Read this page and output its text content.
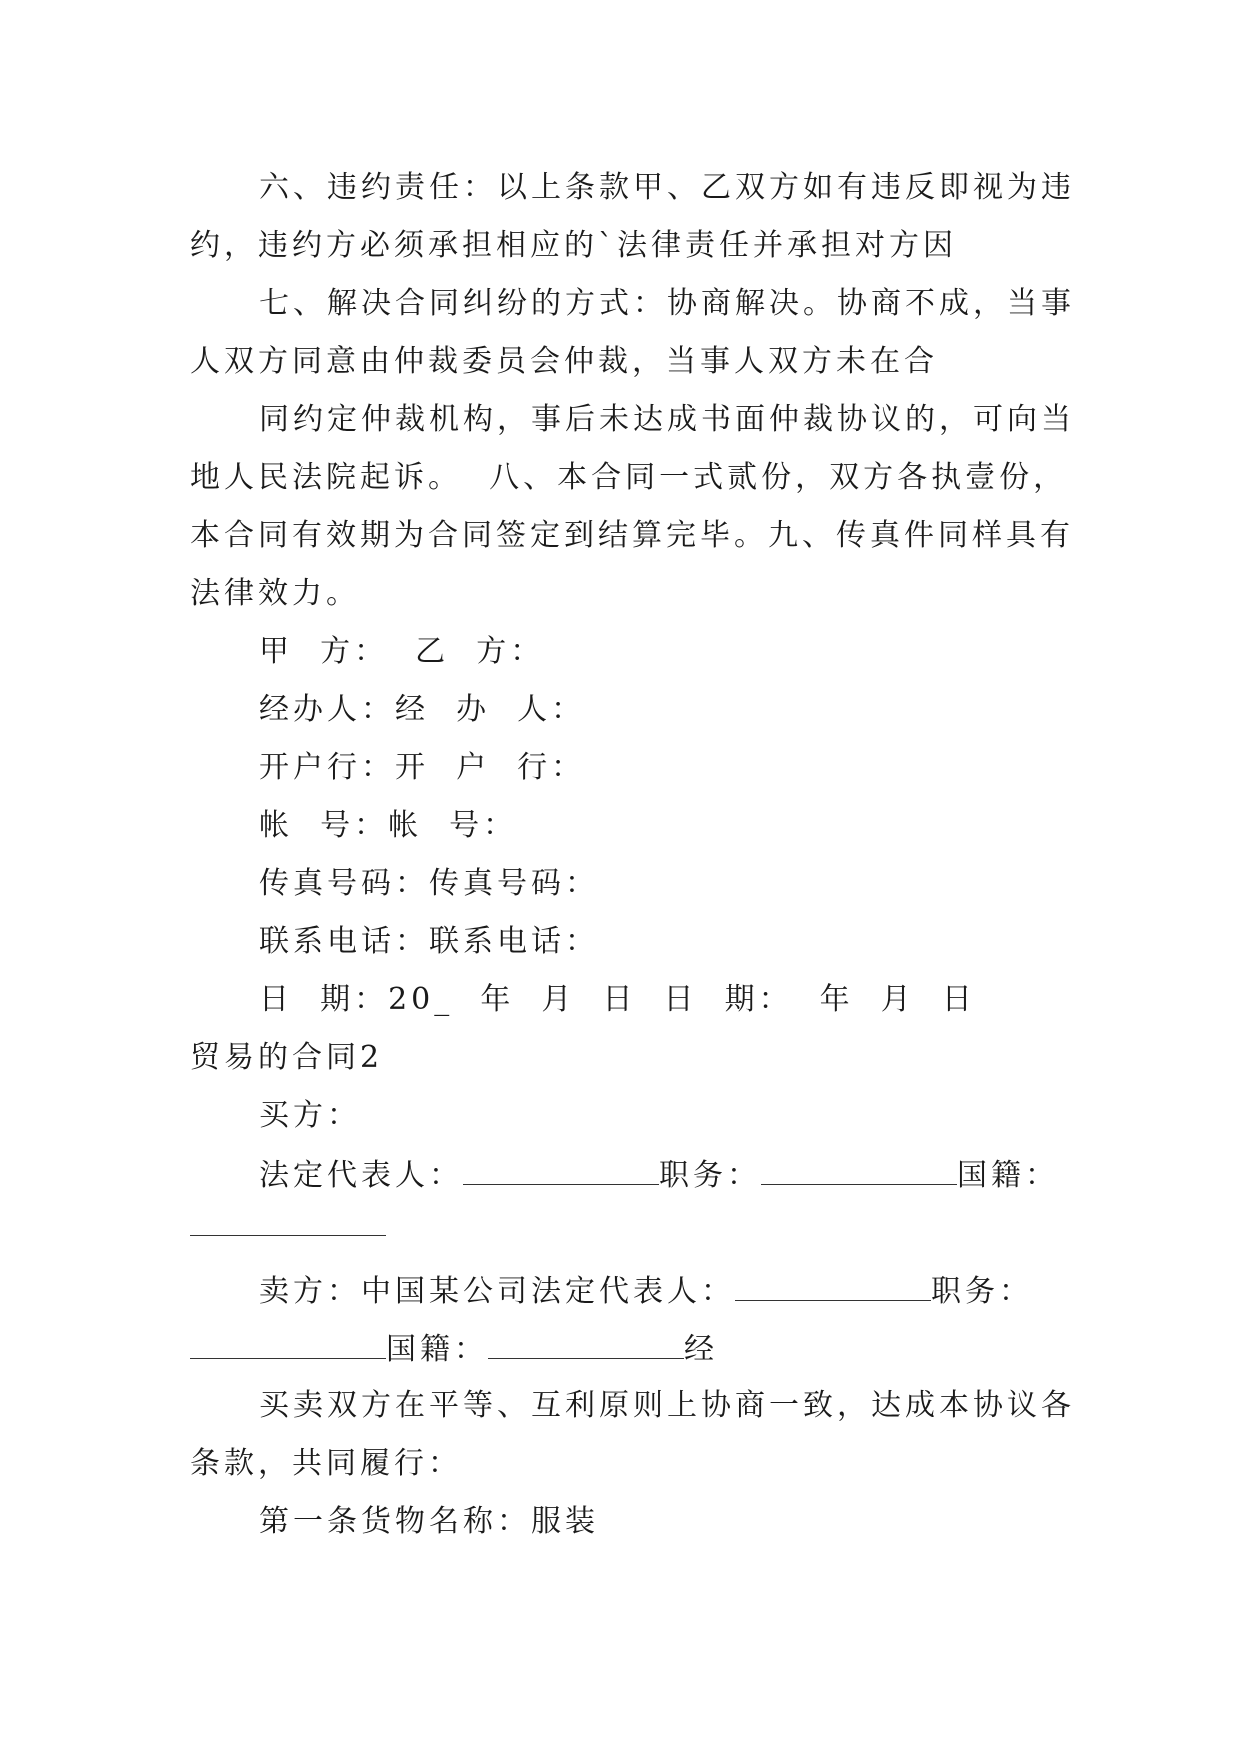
六、违约责任：以上条款甲、乙双方如有违反即视为违
约，违约方必须承担相应的`法律责任并承担对方因
七、解决合同纠纷的方式：协商解决。协商不成，当事
人双方同意由仲裁委员会仲裁，当事人双方未在合
同约定仲裁机构，事后未达成书面仲裁协议的，可向当
地人民法院起诉。  八、本合同一式贰份，双方各执壹份，
本合同有效期为合同签定到结算完毕。九、传真件同样具有
法律效力。
甲  方：  乙  方：
经办人：经  办  人：
开户行：开  户  行：
帐  号：帐  号：
传真号码：传真号码：
联系电话：联系电话：
日  期：20_  年  月  日  日  期：  年  月  日
贸易的合同2
买方：
法定代表人：	职务：	国籍：
卖方：中国某公司法定代表人：	职务：
国籍：	经
买卖双方在平等、互利原则上协商一致，达成本协议各
条款，共同履行：
第一条货物名称：服装
